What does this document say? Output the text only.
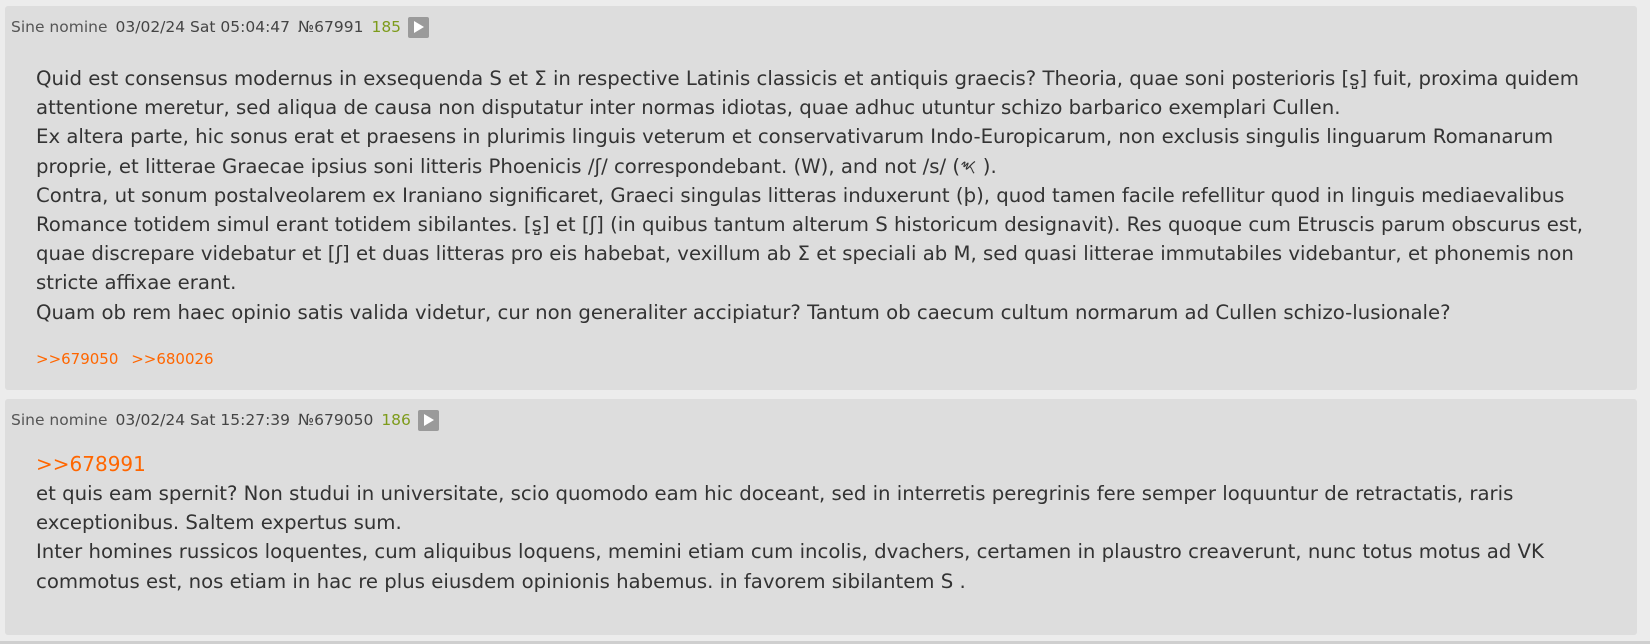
Sine nomine 03/02/24 Sat 05:04:47 №67991 185

Quid est consensus modernus in exsequenda S et Σ in respective Latinis classicis et antiquis graecis? Theoria, quae soni posterioris [s̺] fuit, proxima quidem attentione meretur, sed aliqua de causa non disputatur inter normas idiotas, quae adhuc utuntur schizo barbarico exemplari Cullen.

Ex altera parte, hic sonus erat et praesens in plurimis linguis veterum et conservativarum Indo-Europicarum, non exclusis singulis linguarum Romanarum proprie, et litterae Graecae ipsius soni litteris Phoenicis /ʃ/ correspondebant. (W), and not /s/ (𐤎 ).

Contra, ut sonum postalveolarem ex Iraniano significaret, Graeci singulas litteras induxerunt (þ), quod tamen facile refellitur quod in linguis mediaevalibus Romance totidem simul erant totidem sibilantes. [s̺] et [ʃ] (in quibus tantum alterum S historicum designavit). Res quoque cum Etruscis parum obscurus est, quae discrepare videbatur et [ʃ] et duas litteras pro eis habebat, vexillum ab Σ et speciali ab M, sed quasi litterae immutabiles videbantur, et phonemis non stricte affixae erant.

Quam ob rem haec opinio satis valida videtur, cur non generaliter accipiatur? Tantum ob caecum cultum normarum ad Cullen schizo-lusionale?

>>679050 >>680026
Sine nomine 03/02/24 Sat 15:27:39 №679050 186
>>678991

et quis eam spernit? Non studui in universitate, scio quomodo eam hic doceant, sed in interretis peregrinis fere semper loquuntur de retractatis, raris exceptionibus. Saltem expertus sum.

Inter homines russicos loquentes, cum aliquibus loquens, memini etiam cum incolis, dvachers, certamen in plaustro creaverunt, nunc totus motus ad VK commotus est, nos etiam in hac re plus eiusdem opinionis habemus. in favorem sibilantem S .
